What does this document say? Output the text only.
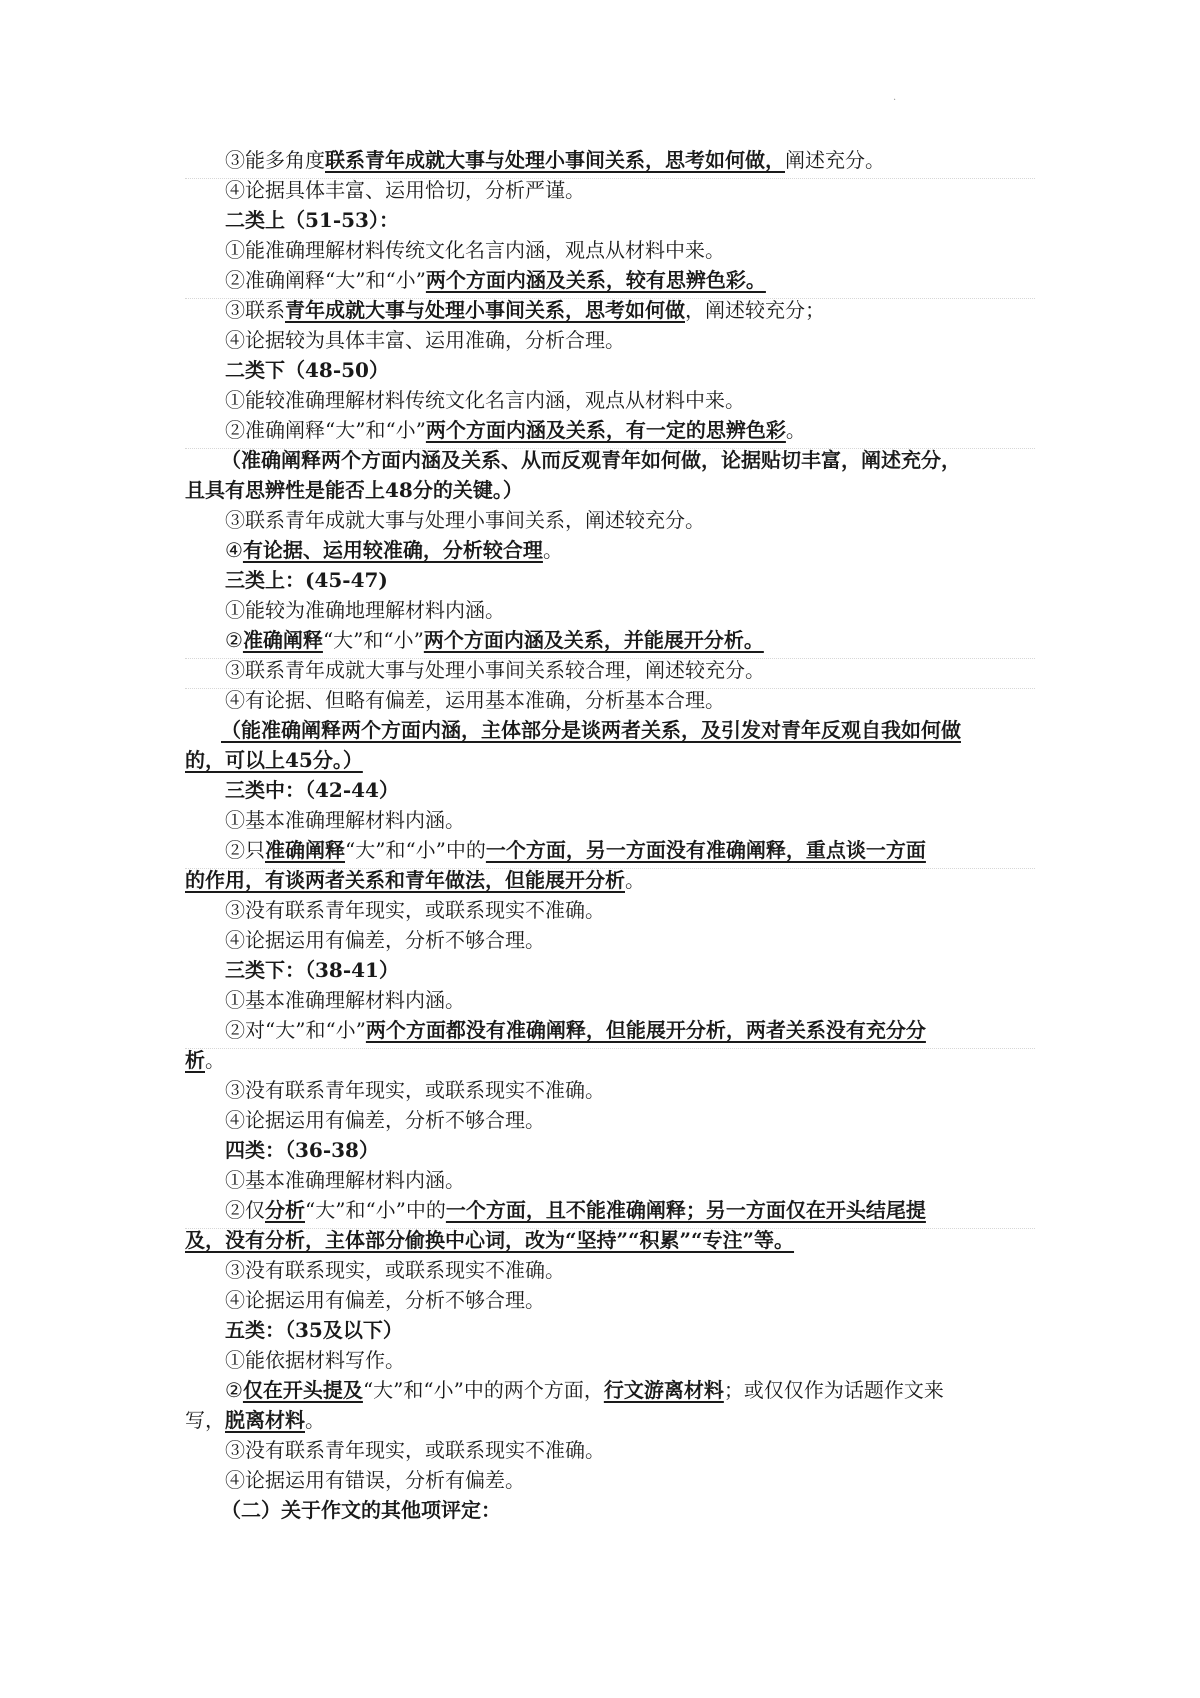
③能多角度联系青年成就大事与处理小事间关系，思考如何做，阐述充分。
④论据具体丰富、运用恰切，分析严谨。
二类上（51-53）：
①能准确理解材料传统文化名言内涵，观点从材料中来。
②准确阐释“大”和“小”两个方面内涵及关系，较有思辨色彩。
③联系青年成就大事与处理小事间关系，思考如何做，阐述较充分；
④论据较为具体丰富、运用准确，分析合理。
二类下（48-50）
①能较准确理解材料传统文化名言内涵，观点从材料中来。
②准确阐释“大”和“小”两个方面内涵及关系，有一定的思辨色彩。
（准确阐释两个方面内涵及关系、从而反观青年如何做，论据贴切丰富，阐述充分，
且具有思辨性是能否上48分的关键。）
③联系青年成就大事与处理小事间关系，阐述较充分。
④有论据、运用较准确，分析较合理。
三类上：(45-47)
①能较为准确地理解材料内涵。
②准确阐释“大”和“小”两个方面内涵及关系，并能展开分析。
③联系青年成就大事与处理小事间关系较合理，阐述较充分。
④有论据、但略有偏差，运用基本准确，分析基本合理。
（能准确阐释两个方面内涵，主体部分是谈两者关系，及引发对青年反观自我如何做
的，可以上45分。）
三类中：（42-44）
①基本准确理解材料内涵。
②只准确阐释“大”和“小”中的一个方面，另一方面没有准确阐释，重点谈一方面
的作用，有谈两者关系和青年做法，但能展开分析。
③没有联系青年现实，或联系现实不准确。
④论据运用有偏差，分析不够合理。
三类下：（38-41）
①基本准确理解材料内涵。
②对“大”和“小”两个方面都没有准确阐释，但能展开分析，两者关系没有充分分
析。
③没有联系青年现实，或联系现实不准确。
④论据运用有偏差，分析不够合理。
四类：（36-38）
①基本准确理解材料内涵。
②仅分析“大”和“小”中的一个方面，且不能准确阐释；另一方面仅在开头结尾提
及，没有分析，主体部分偷换中心词，改为“坚持”“积累”“专注”等。
③没有联系现实，或联系现实不准确。
④论据运用有偏差，分析不够合理。
五类：（35及以下）
①能依据材料写作。
②仅在开头提及“大”和“小”中的两个方面，行文游离材料；或仅仅作为话题作文来
写，脱离材料。
③没有联系青年现实，或联系现实不准确。
④论据运用有错误，分析有偏差。
（二）关于作文的其他项评定：
.
